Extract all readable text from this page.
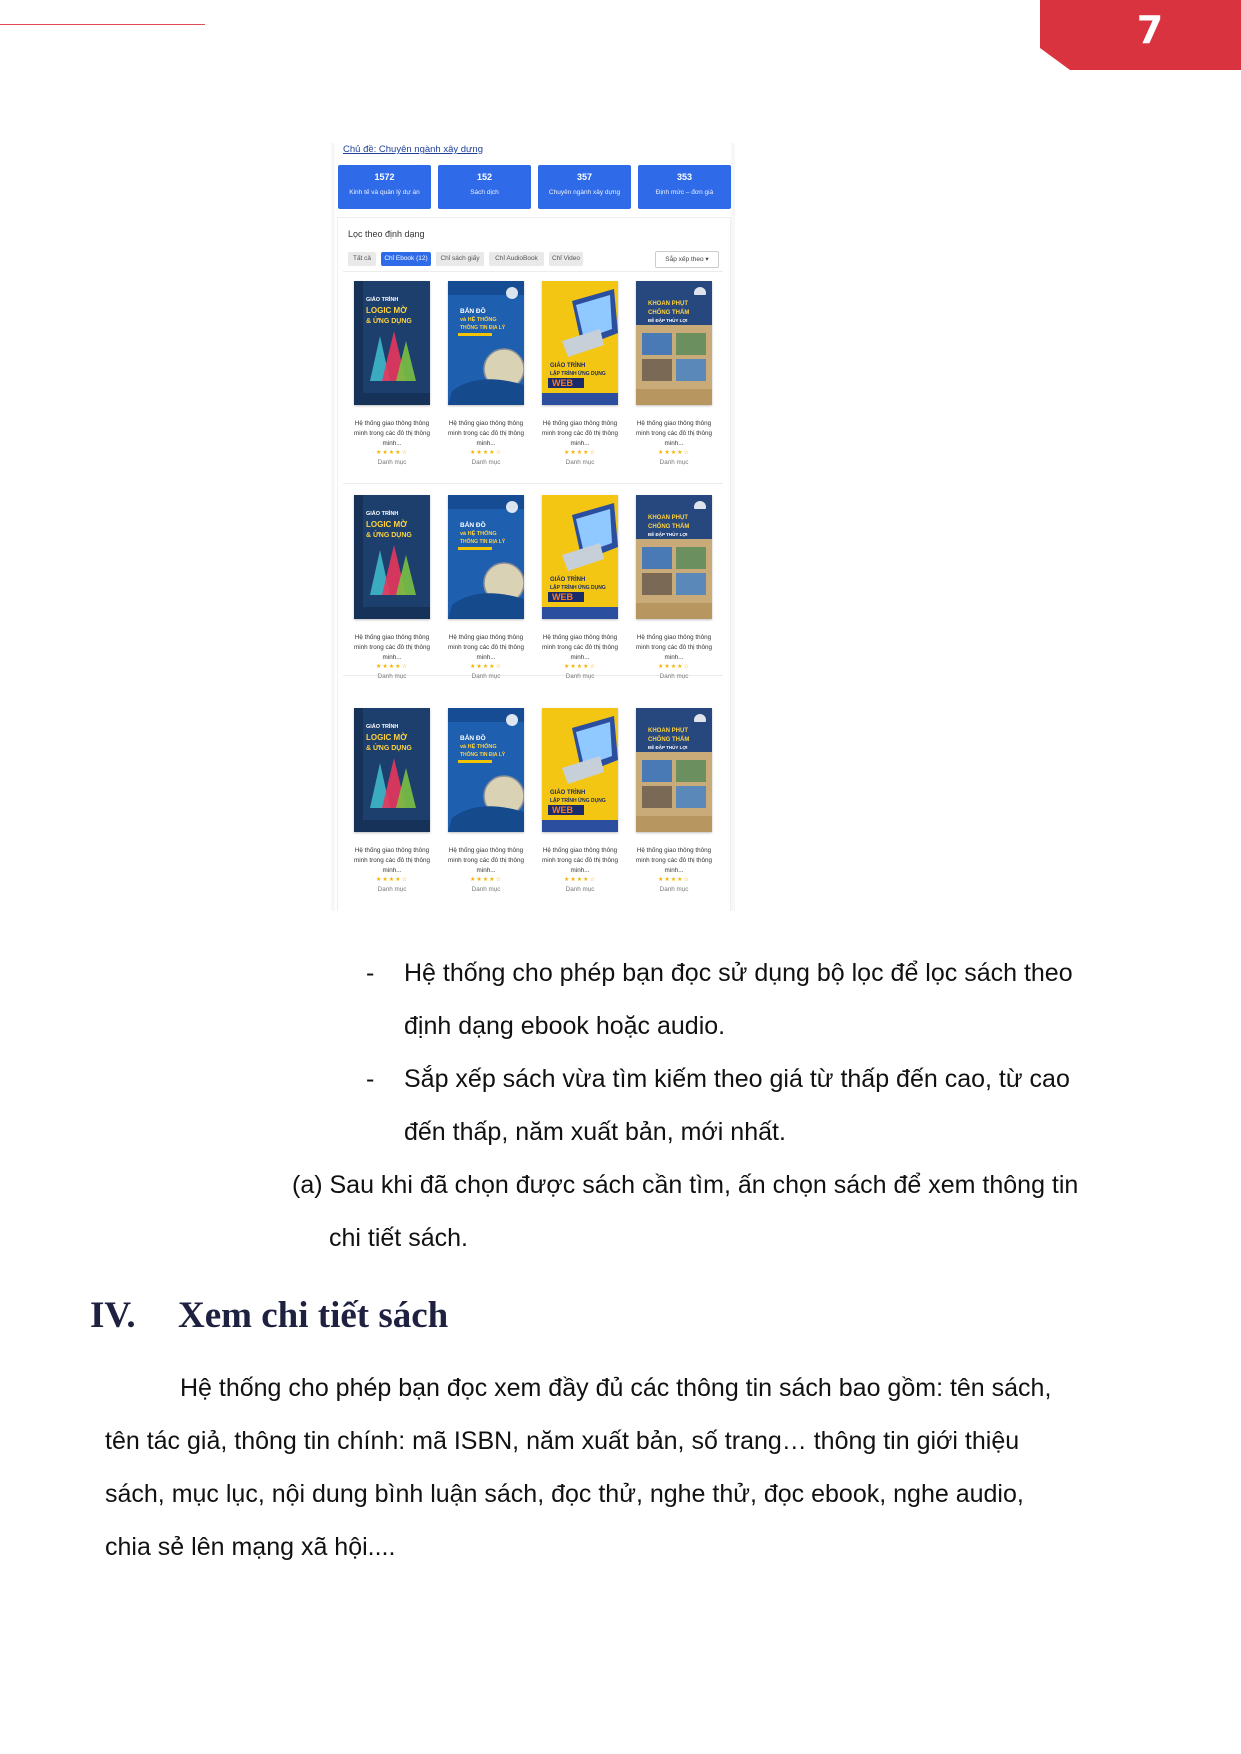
7
Chủ đề: Chuyên ngành xây dựng
1572
Kinh tế và quản lý dự án
152
Sách dịch
357
Chuyên ngành xây dựng
353
Định mức – đơn giá
Lọc theo định dạng
Tất cả	Chỉ Ebook (12)	Chỉ sách giấy	Chỉ AudioBook	Chỉ Video	Sắp xếp theo ▾
GIÁO TRÌNH
LOGIC MỜ
& ỨNG DỤNG
Hệ thống giao thông thông minh trong các đô thị thông minh...
★★★★☆
Danh mục
BẢN ĐỒ
và HỆ THỐNG
THÔNG TIN ĐỊA LÝ
Hệ thống giao thông thông minh trong các đô thị thông minh...
★★★★☆
Danh mục
GIÁO TRÌNH
LẬP TRÌNH ỨNG DỤNG
WEB
Hệ thống giao thông thông minh trong các đô thị thông minh...
★★★★☆
Danh mục
KHOAN PHỤT
CHỐNG THẤM
ĐÊ ĐẬP THỦY LỢI
Hệ thống giao thông thông minh trong các đô thị thông minh...
★★★★☆
Danh mục
GIÁO TRÌNH
LOGIC MỜ
& ỨNG DỤNG
Hệ thống giao thông thông minh trong các đô thị thông minh...
★★★★☆
Danh mục
BẢN ĐỒ
và HỆ THỐNG
THÔNG TIN ĐỊA LÝ
Hệ thống giao thông thông minh trong các đô thị thông minh...
★★★★☆
Danh mục
GIÁO TRÌNH
LẬP TRÌNH ỨNG DỤNG
WEB
Hệ thống giao thông thông minh trong các đô thị thông minh...
★★★★☆
Danh mục
KHOAN PHỤT
CHỐNG THẤM
ĐÊ ĐẬP THỦY LỢI
Hệ thống giao thông thông minh trong các đô thị thông minh...
★★★★☆
Danh mục
GIÁO TRÌNH
LOGIC MỜ
& ỨNG DỤNG
Hệ thống giao thông thông minh trong các đô thị thông minh...
★★★★☆
Danh mục
BẢN ĐỒ
và HỆ THỐNG
THÔNG TIN ĐỊA LÝ
Hệ thống giao thông thông minh trong các đô thị thông minh...
★★★★☆
Danh mục
GIÁO TRÌNH
LẬP TRÌNH ỨNG DỤNG
WEB
Hệ thống giao thông thông minh trong các đô thị thông minh...
★★★★☆
Danh mục
KHOAN PHỤT
CHỐNG THẤM
ĐÊ ĐẬP THỦY LỢI
Hệ thống giao thông thông minh trong các đô thị thông minh...
★★★★☆
Danh mục
- Hệ thống cho phép bạn đọc sử dụng bộ lọc để lọc sách theo
định dạng ebook hoặc audio.
- Sắp xếp sách vừa tìm kiếm theo giá từ thấp đến cao, từ cao
đến thấp, năm xuất bản, mới nhất.
(a) Sau khi đã chọn được sách cần tìm, ấn chọn sách để xem thông tin
chi tiết sách.
IV. Xem chi tiết sách
Hệ thống cho phép bạn đọc xem đầy đủ các thông tin sách bao gồm: tên sách,
tên tác giả, thông tin chính: mã ISBN, năm xuất bản, số trang… thông tin giới thiệu
sách, mục lục, nội dung bình luận sách, đọc thử, nghe thử, đọc ebook, nghe audio,
chia sẻ lên mạng xã hội....
